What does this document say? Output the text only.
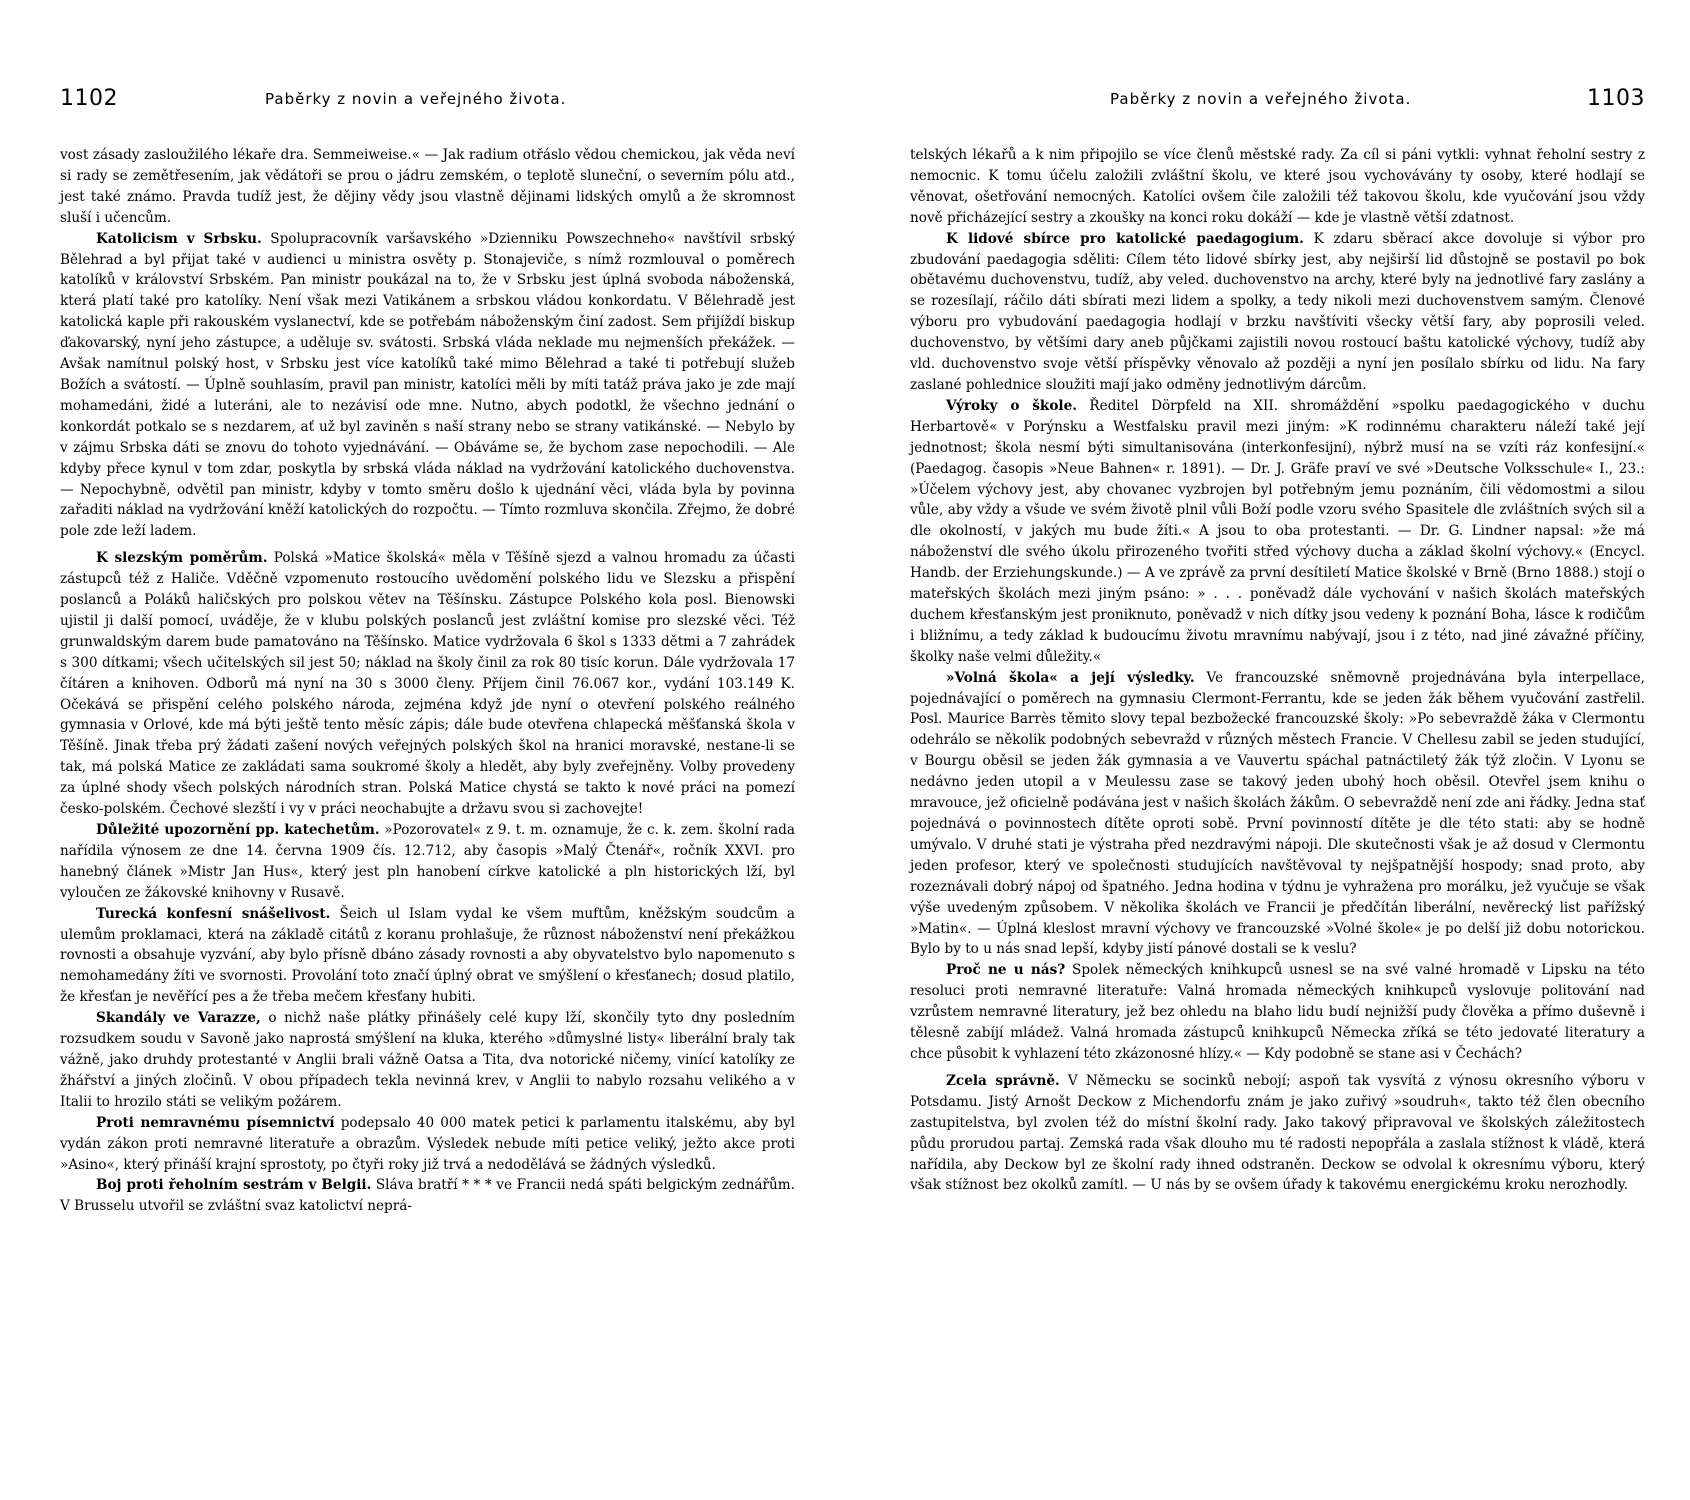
1102	Paběrky z novin a veřejného života.

vost zásady zasloužilého lékaře dra. Semmeiweise.« — Jak radium otřáslo vědou chemickou, jak věda neví si rady se zemětřesením, jak vědátoři se prou o jádru zemském, o teplotě sluneční, o severním pólu atd., jest také známo. Pravda tudíž jest, že dějiny vědy jsou vlastně dějinami lidských omylů a že skromnost sluší i učencům.

Katolicism v Srbsku. Spolupracovník varšavského »Dzienniku Powszechneho« navštívil srbský Bělehrad a byl přijat také v audienci u ministra osvěty p. Stonajeviče, s nímž rozmlouval o poměrech katolíků v království Srbském. Pan ministr poukázal na to, že v Srbsku jest úplná svoboda náboženská, která platí také pro katolíky. Není však mezi Vatikánem a srbskou vládou konkordatu. V Bělehradě jest katolická kaple při rakouském vyslanectví, kde se potřebám náboženským činí zadost. Sem přijíždí biskup ďakovarský, nyní jeho zástupce, a uděluje sv. svátosti. Srbská vláda neklade mu nejmenších překážek. — Avšak namítnul polský host, v Srbsku jest více katolíků také mimo Bělehrad a také ti potřebují služeb Božích a svátostí. — Úplně souhlasím, pravil pan ministr, katolíci měli by míti tatáž práva jako je zde mají mohamedáni, židé a luteráni, ale to nezávisí ode mne. Nutno, abych podotkl, že všechno jednání o konkordát potkalo se s nezdarem, ať už byl zaviněn s naší strany nebo se strany vatikánské. — Nebylo by v zájmu Srbska dáti se znovu do tohoto vyjednávání. — Obáváme se, že bychom zase nepochodili. — Ale kdyby přece kynul v tom zdar, poskytla by srbská vláda náklad na vydržování katolického duchovenstva. — Nepochybně, odvětil pan ministr, kdyby v tomto směru došlo k ujednání věci, vláda byla by povinna zařaditi náklad na vydržování kněží katolických do rozpočtu. — Tímto rozmluva skončila. Zřejmo, že dobré pole zde leží ladem.

K slezským poměrům. Polská »Matice školská« měla v Těšíně sjezd a valnou hromadu za účasti zástupců též z Haliče. Vděčně vzpomenuto rostoucího uvědomění polského lidu ve Slezsku a přispění poslanců a Poláků haličských pro polskou větev na Těšínsku. Zástupce Polského kola posl. Bienowski ujistil ji další pomocí, uváděje, že v klubu polských poslanců jest zvláštní komise pro slezské věci. Též grunwaldským darem bude pamatováno na Těšínsko. Matice vydržovala 6 škol s 1333 dětmi a 7 zahrádek s 300 dítkami; všech učitelských sil jest 50; náklad na školy činil za rok 80 tisíc korun. Dále vydržovala 17 čítáren a knihoven. Odborů má nyní na 30 s 3000 členy. Příjem činil 76.067 kor., vydání 103.149 K. Očekává se přispění celého polského národa, zejména když jde nyní o otevření polského reálného gymnasia v Orlové, kde má býti ještě tento měsíc zápis; dále bude otevřena chlapecká měšťanská škola v Těšíně. Jinak třeba prý žádati zašení nových veřejných polských škol na hranici moravské, nestane-li se tak, má polská Matice ze zakládati sama soukromé školy a hledět, aby byly zveřejněny. Volby provedeny za úplné shody všech polských národních stran. Polská Matice chystá se takto k nové práci na pomezí česko-polském. Čechové slezští i vy v práci neochabujte a državu svou si zachovejte!

Důležité upozornění pp. katechetům. »Pozorovatel« z 9. t. m. oznamuje, že c. k. zem. školní rada nařídila výnosem ze dne 14. června 1909 čís. 12.712, aby časopis »Malý Čtenář«, ročník XXVI. pro hanebný článek »Mistr Jan Hus«, který jest pln hanobení církve katolické a pln historických lží, byl vyloučen ze žákovské knihovny v Rusavě.

Turecká konfesní snášelivost. Šeich ul Islam vydal ke všem muftům, kněžským soudcům a ulemům proklamaci, která na základě citátů z koranu prohlašuje, že různost náboženství není překážkou rovnosti a obsahuje vyzvání, aby bylo přísně dbáno zásady rovnosti a aby obyvatelstvo bylo napomenuto s nemohamedány žíti ve svornosti. Provolání toto značí úplný obrat ve smýšlení o křesťanech; dosud platilo, že křesťan je nevěřící pes a že třeba mečem křesťany hubiti.

Skandály ve Varazze, o nichž naše plátky přinášely celé kupy lží, skončily tyto dny posledním rozsudkem soudu v Savoně jako naprostá smýšlení na kluka, kterého »důmyslné listy« liberální braly tak vážně, jako druhdy protestanté v Anglii brali vážně Oatsa a Tita, dva notorické ničemy, vinící katolíky ze žhářství a jiných zločinů. V obou případech tekla nevinná krev, v Anglii to nabylo rozsahu velikého a v Italii to hrozilo státi se velikým požárem.

Proti nemravnému písemnictví podepsalo 40 000 matek petici k parlamentu italskému, aby byl vydán zákon proti nemravné literatuře a obrazům. Výsledek nebude míti petice veliký, ježto akce proti »Asino«, který přináší krajní sprostoty, po čtyři roky již trvá a nedodělává se žádných výsledků.

Boj proti řeholním sestrám v Belgii. Sláva bratří * * * ve Francii nedá spáti belgickým zednářům. V Brusselu utvořil se zvláštní svaz katolictví neprá-

Paběrky z novin a veřejného života.	1103

telských lékařů a k nim připojilo se více členů městské rady. Za cíl si páni vytkli: vyhnat řeholní sestry z nemocnic. K tomu účelu založili zvláštní školu, ve které jsou vychovávány ty osoby, které hodlají se věnovat, ošetřování nemocných. Katolíci ovšem čile založili též takovou školu, kde vyučování jsou vždy nově přicházející sestry a zkoušky na konci roku dokáží — kde je vlastně větší zdatnost.

K lidové sbírce pro katolické paedagogium. K zdaru sběrací akce dovoluje si výbor pro zbudování paedagogia sděliti: Cílem této lidové sbírky jest, aby nejširší lid důstojně se postavil po bok obětavému duchovenstvu, tudíž, aby veled. duchovenstvo na archy, které byly na jednotlivé fary zaslány a se rozesílají, ráčilo dáti sbírati mezi lidem a spolky, a tedy nikoli mezi duchovenstvem samým. Členové výboru pro vybudování paedagogia hodlají v brzku navštíviti všecky větší fary, aby poprosili veled. duchovenstvo, by většími dary aneb půjčkami zajistili novou rostoucí baštu katolické výchovy, tudíž aby vld. duchovenstvo svoje větší příspěvky věnovalo až později a nyní jen posílalo sbírku od lidu. Na fary zaslané pohlednice sloužiti mají jako odměny jednotlivým dárcům.

Výroky o škole. Ředitel Dörpfeld na XII. shromáždění »spolku paedagogického v duchu Herbartově« v Porýnsku a Westfalsku pravil mezi jiným: »K rodinnému charakteru náleží také její jednotnost; škola nesmí býti simultanisována (interkonfesijní), nýbrž musí na se vzíti ráz konfesijní.« (Paedagog. časopis »Neue Bahnen« r. 1891). — Dr. J. Gräfe praví ve své »Deutsche Volksschule« I., 23.: »Účelem výchovy jest, aby chovanec vyzbrojen byl potřebným jemu poznáním, čili vědomostmi a silou vůle, aby vždy a všude ve svém životě plnil vůli Boží podle vzoru svého Spasitele dle zvláštních svých sil a dle okolností, v jakých mu bude žíti.« A jsou to oba protestanti. — Dr. G. Lindner napsal: »že má náboženství dle svého úkolu přirozeného tvořiti střed výchovy ducha a základ školní výchovy.« (Encycl. Handb. der Erziehungskunde.) — A ve zprávě za první desítiletí Matice školské v Brně (Brno 1888.) stojí o mateřských školách mezi jiným psáno: » . . . poněvadž dále vychování v našich školách mateřských duchem křesťanským jest proniknuto, poněvadž v nich dítky jsou vedeny k poznání Boha, lásce k rodičům i bližnímu, a tedy základ k budoucímu životu mravnímu nabývají, jsou i z této, nad jiné závažné příčiny, školky naše velmi důležity.«

»Volná škola« a její výsledky. Ve francouzské sněmovně projednávána byla interpellace, pojednávající o poměrech na gymnasiu Clermont-Ferrantu, kde se jeden žák během vyučování zastřelil. Posl. Maurice Barrès těmito slovy tepal bezbožecké francouzské školy: »Po sebevraždě žáka v Clermontu odehrálo se několik podobných sebevražd v různých městech Francie. V Chellesu zabil se jeden studující, v Bourgu oběsil se jeden žák gymnasia a ve Vauvertu spáchal patnáctiletý žák týž zločin. V Lyonu se nedávno jeden utopil a v Meulessu zase se takový jeden ubohý hoch oběsil. Otevřel jsem knihu o mravouce, jež oficielně podávána jest v našich školách žákům. O sebevraždě není zde ani řádky. Jedna stať pojednává o povinnostech dítěte oproti sobě. První povinností dítěte je dle této stati: aby se hodně umývalo. V druhé stati je výstraha před nezdravými nápoji. Dle skutečnosti však je až dosud v Clermontu jeden profesor, který ve společnosti studujících navštěvoval ty nejšpatnější hospody; snad proto, aby rozeznávali dobrý nápoj od špatného. Jedna hodina v týdnu je vyhražena pro morálku, jež vyučuje se však výše uvedeným způsobem. V několika školách ve Francii je předčítán liberální, nevěrecký list pařížský »Matin«. — Úplná kleslost mravní výchovy ve francouzské »Volné škole« je po delší již dobu notorickou. Bylo by to u nás snad lepší, kdyby jistí pánové dostali se k veslu?

Proč ne u nás? Spolek německých knihkupců usnesl se na své valné hromadě v Lipsku na této resoluci proti nemravné literatuře: Valná hromada německých knihkupců vyslovuje politování nad vzrůstem nemravné literatury, jež bez ohledu na blaho lidu budí nejnižší pudy člověka a přímo duševně i tělesně zabíjí mládež. Valná hromada zástupců knihkupců Německa zříká se této jedovaté literatury a chce působit k vyhlazení této zkázonosné hlízy.« — Kdy podobně se stane asi v Čechách?

Zcela správně. V Německu se socinků nebojí; aspoň tak vysvítá z výnosu okresního výboru v Potsdamu. Jistý Arnošt Deckow z Michendorfu znám je jako zuřivý »soudruh«, takto též člen obecního zastupitelstva, byl zvolen též do místní školní rady. Jako takový připravoval ve školských záležitostech půdu prorudou partaj. Zemská rada však dlouho mu té radosti nepopřála a zaslala stížnost k vládě, která nařídila, aby Deckow byl ze školní rady ihned odstraněn. Deckow se odvolal k okresnímu výboru, který však stížnost bez okolků zamítl. — U nás by se ovšem úřady k takovému energickému kroku nerozhodly.
